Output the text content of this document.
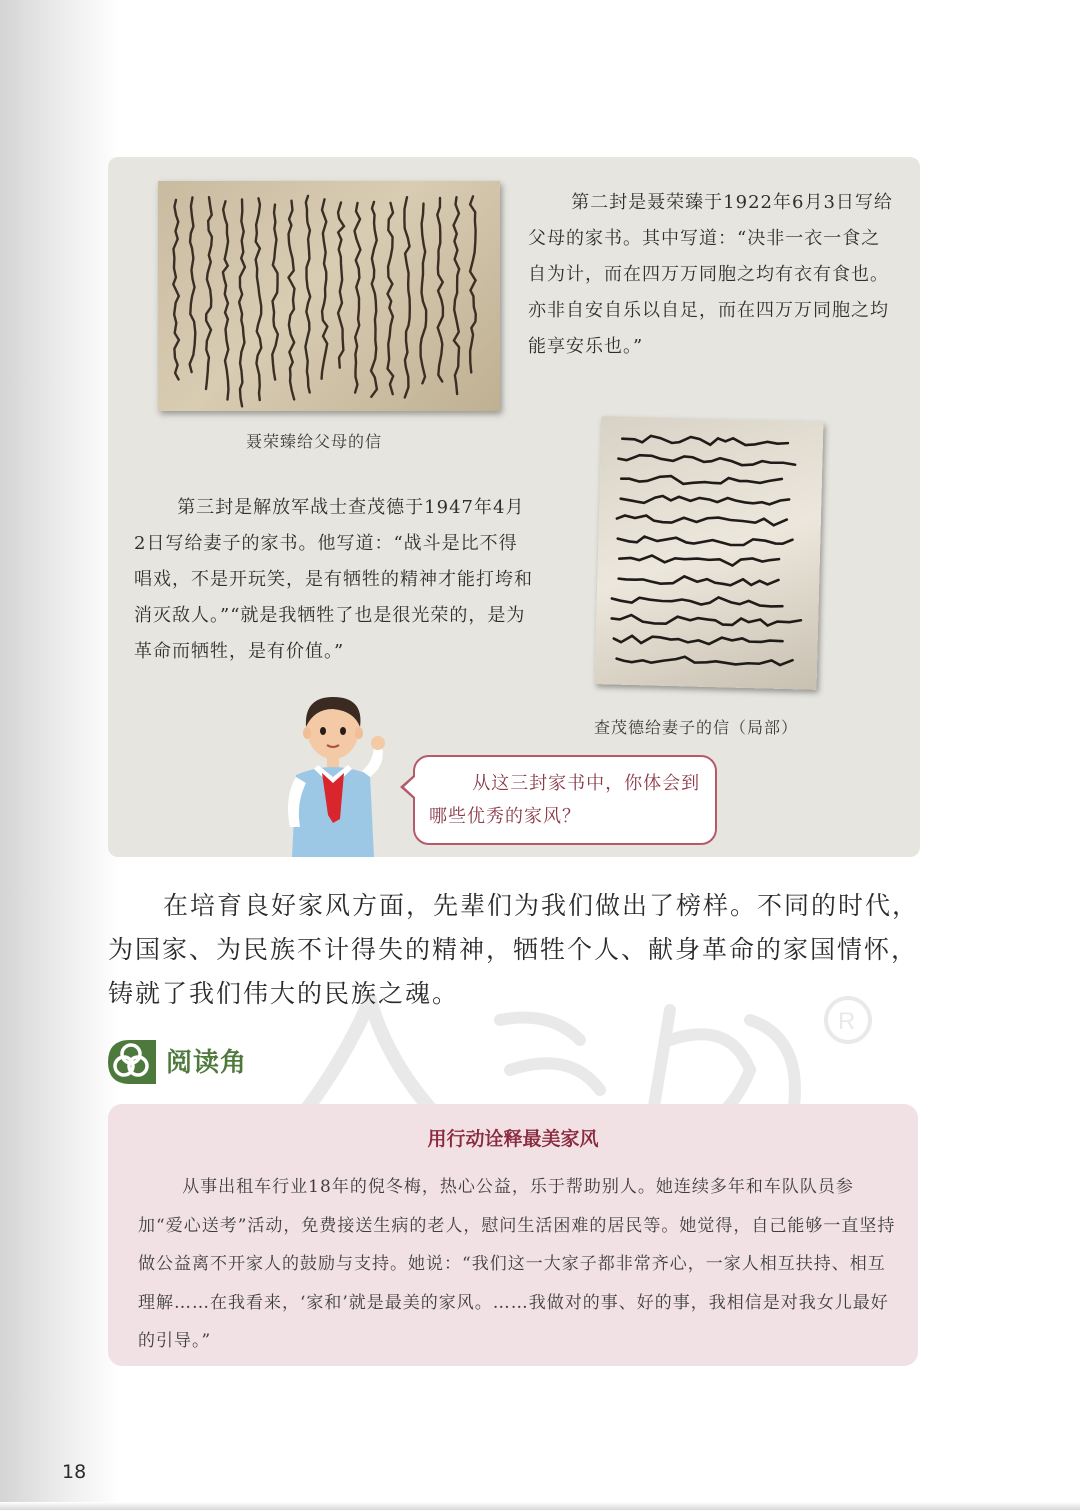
聂荣臻给父母的信
第二封是聂荣臻于1922年6月3日写给父母的家书。其中写道：“决非一衣一食之自为计，而在四万万同胞之均有衣有食也。亦非自安自乐以自足，而在四万万同胞之均能享安乐也。”
查茂德给妻子的信（局部）
第三封是解放军战士查茂德于1947年4月2日写给妻子的家书。他写道：“战斗是比不得唱戏，不是开玩笑，是有牺牲的精神才能打垮和消灭敌人。”“就是我牺牲了也是很光荣的，是为革命而牺牲，是有价值。”
从这三封家书中，你体会到哪些优秀的家风？
在培育良好家风方面，先辈们为我们做出了榜样。不同的时代，为国家、为民族不计得失的精神，牺牲个人、献身革命的家国情怀，铸就了我们伟大的民族之魂。
R
阅读角
用行动诠释最美家风
从事出租车行业18年的倪冬梅，热心公益，乐于帮助别人。她连续多年和车队队员参加“爱心送考”活动，免费接送生病的老人，慰问生活困难的居民等。她觉得，自己能够一直坚持做公益离不开家人的鼓励与支持。她说：“我们这一大家子都非常齐心，一家人相互扶持、相互理解……在我看来，‘家和’就是最美的家风。……我做对的事、好的事，我相信是对我女儿最好的引导。”
18
